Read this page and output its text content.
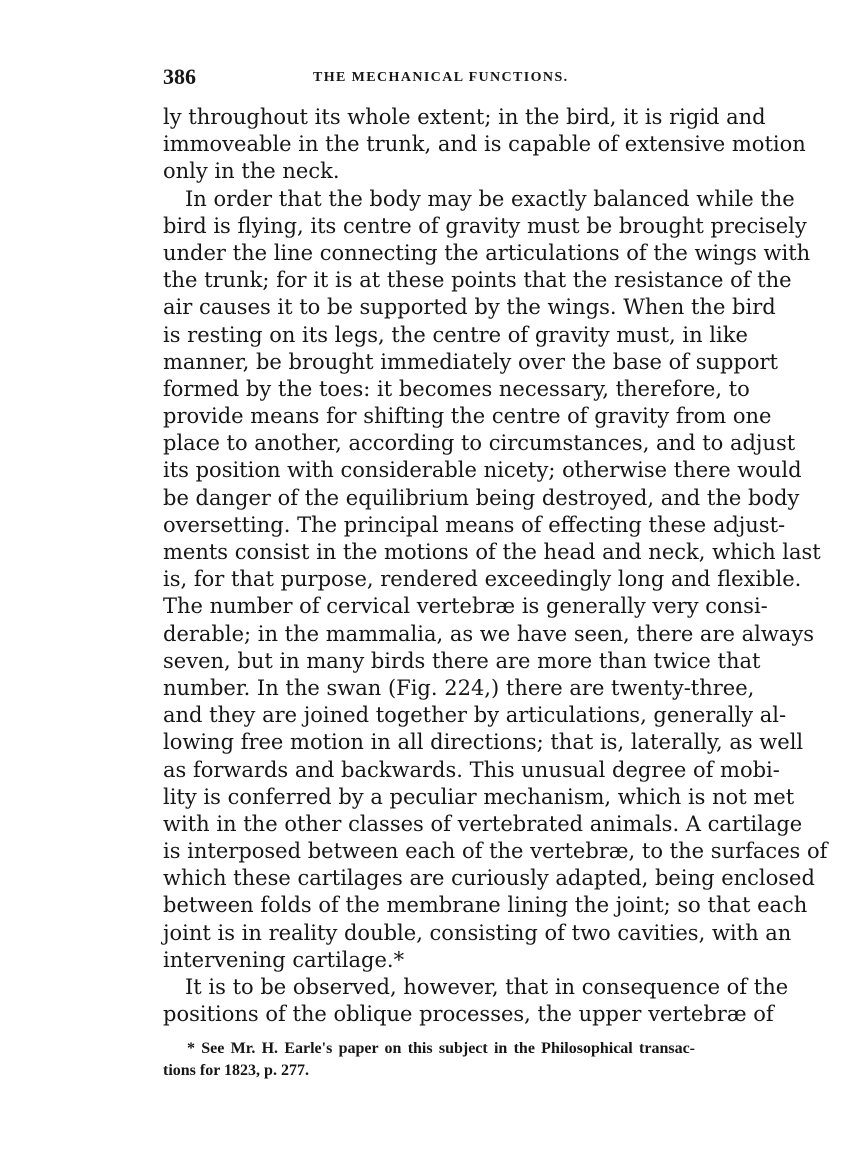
386	THE MECHANICAL FUNCTIONS.
ly throughout its whole extent; in the bird, it is rigid and
immoveable in the trunk, and is capable of extensive motion
only in the neck.
In order that the body may be exactly balanced while the
bird is flying, its centre of gravity must be brought precisely
under the line connecting the articulations of the wings with
the trunk; for it is at these points that the resistance of the
air causes it to be supported by the wings. When the bird
is resting on its legs, the centre of gravity must, in like
manner, be brought immediately over the base of support
formed by the toes: it becomes necessary, therefore, to
provide means for shifting the centre of gravity from one
place to another, according to circumstances, and to adjust
its position with considerable nicety; otherwise there would
be danger of the equilibrium being destroyed, and the body
oversetting. The principal means of effecting these adjust-
ments consist in the motions of the head and neck, which last
is, for that purpose, rendered exceedingly long and flexible.
The number of cervical vertebræ is generally very consi-
derable; in the mammalia, as we have seen, there are always
seven, but in many birds there are more than twice that
number. In the swan (Fig. 224,) there are twenty-three,
and they are joined together by articulations, generally al-
lowing free motion in all directions; that is, laterally, as well
as forwards and backwards. This unusual degree of mobi-
lity is conferred by a peculiar mechanism, which is not met
with in the other classes of vertebrated animals. A cartilage
is interposed between each of the vertebræ, to the surfaces of
which these cartilages are curiously adapted, being enclosed
between folds of the membrane lining the joint; so that each
joint is in reality double, consisting of two cavities, with an
intervening cartilage.*
It is to be observed, however, that in consequence of the
positions of the oblique processes, the upper vertebræ of
* See Mr. H. Earle's paper on this subject in the Philosophical transac-
tions for 1823, p. 277.
